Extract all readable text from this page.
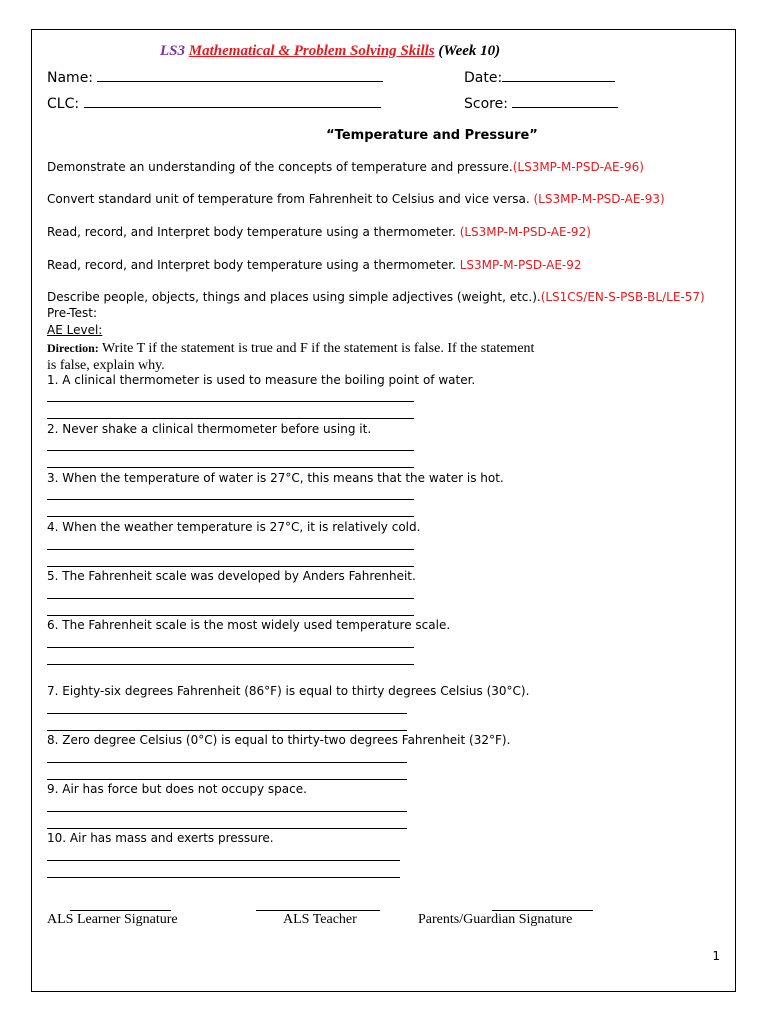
LS3 Mathematical & Problem Solving Skills (Week 10)
Name:	Date:
CLC:	Score:
“Temperature and Pressure”
Demonstrate an understanding of the concepts of temperature and pressure.(LS3MP-M-PSD-AE-96)
Convert standard unit of temperature from Fahrenheit to Celsius and vice versa. (LS3MP-M-PSD-AE-93)
Read, record, and Interpret body temperature using a thermometer. (LS3MP-M-PSD-AE-92)
Read, record, and Interpret body temperature using a thermometer. LS3MP-M-PSD-AE-92
Describe people, objects, things and places using simple adjectives (weight, etc.).(LS1CS/EN-S-PSB-BL/LE-57)
Pre-Test:
AE Level:
Direction: Write T if the statement is true and F if the statement is false. If the statement is false, explain why.
1. A clinical thermometer is used to measure the boiling point of water.
2. Never shake a clinical thermometer before using it.
3. When the temperature of water is 27°C, this means that the water is hot.
4. When the weather temperature is 27°C, it is relatively cold.
5. The Fahrenheit scale was developed by Anders Fahrenheit.
6. The Fahrenheit scale is the most widely used temperature scale.
7. Eighty-six degrees Fahrenheit (86°F) is equal to thirty degrees Celsius (30°C).
8. Zero degree Celsius (0°C) is equal to thirty-two degrees Fahrenheit (32°F).
9. Air has force but does not occupy space.
10. Air has mass and exerts pressure.
ALS Learner Signature	ALS Teacher	Parents/Guardian Signature
1
